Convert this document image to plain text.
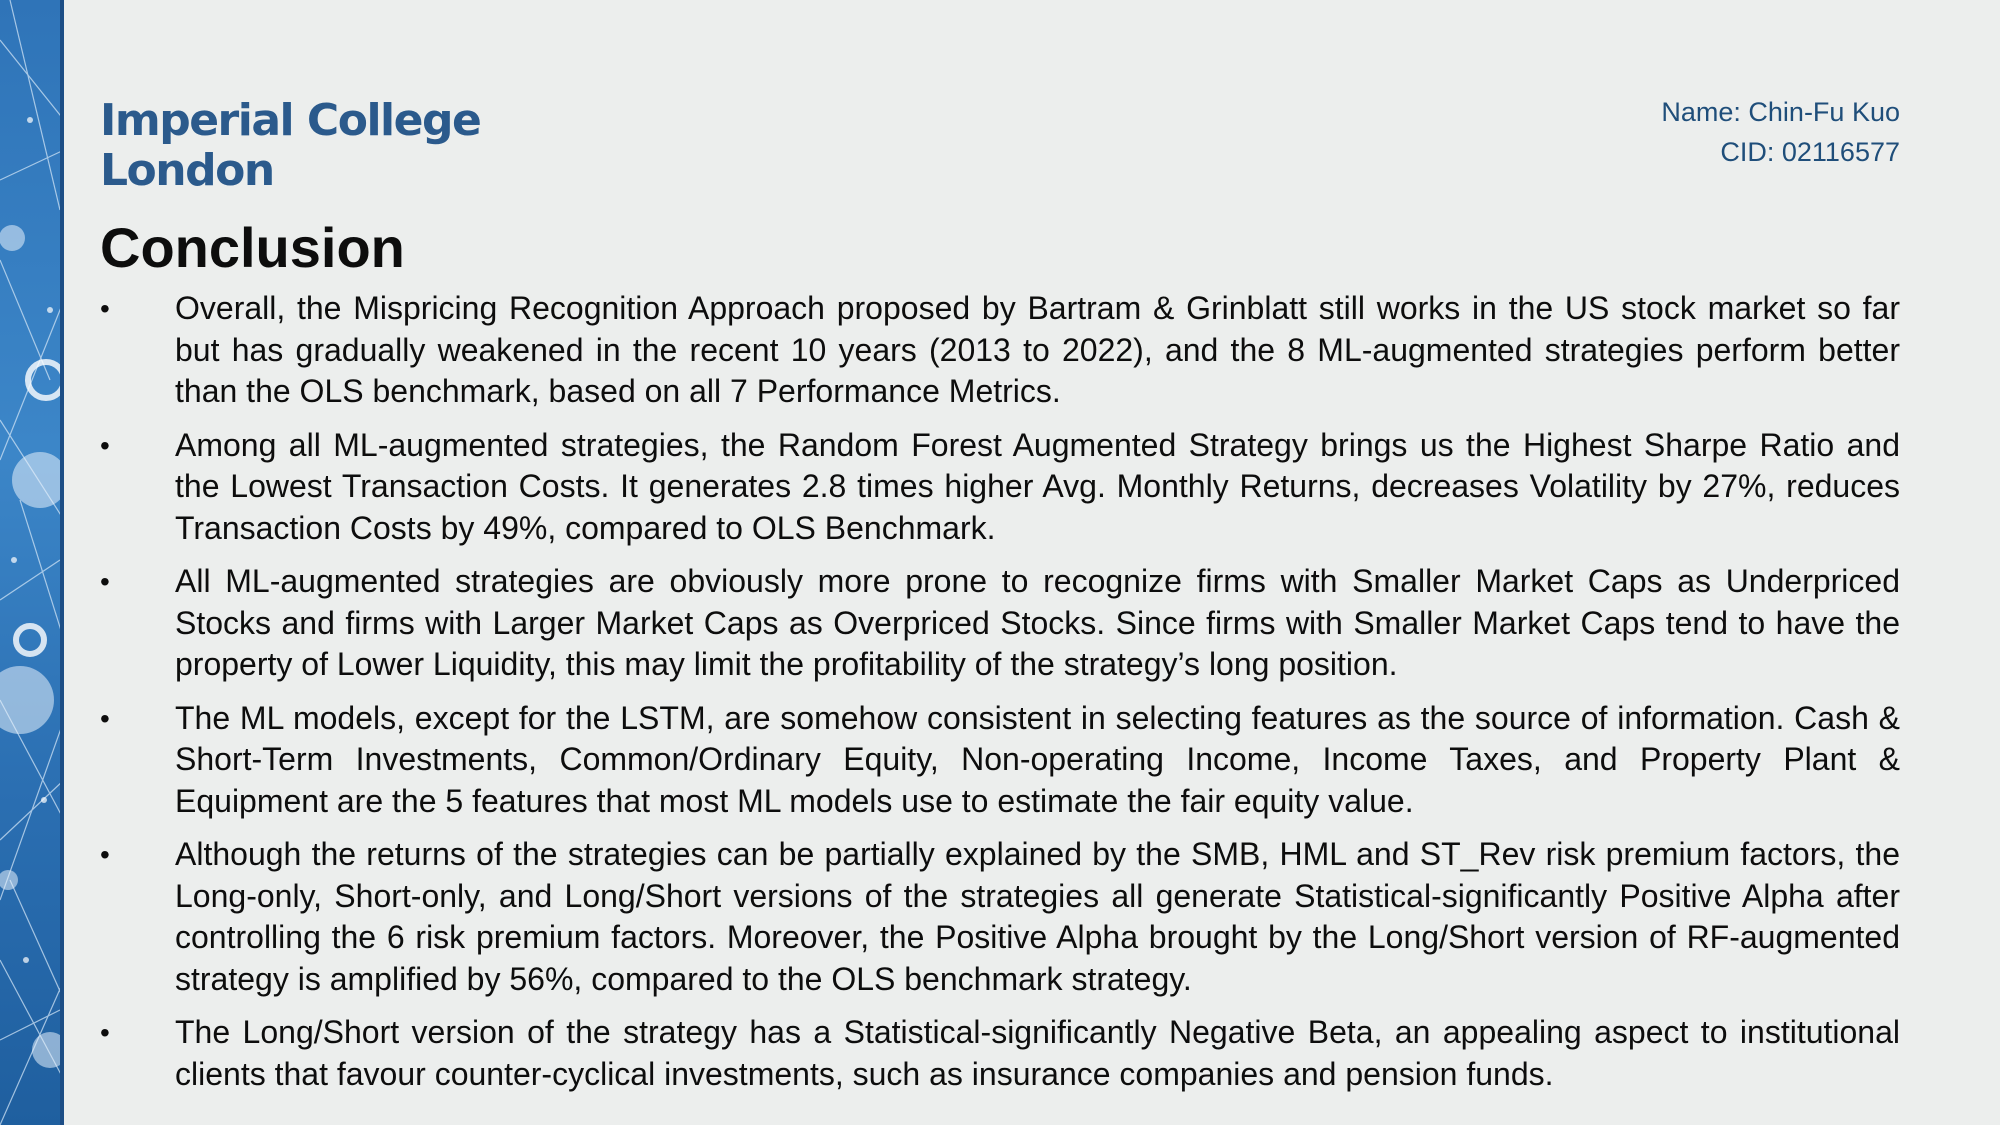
Imperial College
London
Name: Chin-Fu Kuo
CID: 02116577
Conclusion
•	Overall, the Mispricing Recognition Approach proposed by Bartram & Grinblatt still works in the US stock market so far but has gradually weakened in the recent 10 years (2013 to 2022), and the 8 ML-augmented strategies perform better than the OLS benchmark, based on all 7 Performance Metrics.
•	Among all ML-augmented strategies, the Random Forest Augmented Strategy brings us the Highest Sharpe Ratio and the Lowest Transaction Costs. It generates 2.8 times higher Avg. Monthly Returns, decreases Volatility by 27%, reduces Transaction Costs by 49%, compared to OLS Benchmark.
•	All ML-augmented strategies are obviously more prone to recognize firms with Smaller Market Caps as Underpriced Stocks and firms with Larger Market Caps as Overpriced Stocks. Since firms with Smaller Market Caps tend to have the property of Lower Liquidity, this may limit the profitability of the strategy’s long position.
•	The ML models, except for the LSTM, are somehow consistent in selecting features as the source of information. Cash & Short-Term Investments, Common/Ordinary Equity, Non-operating Income, Income Taxes, and Property Plant & Equipment are the 5 features that most ML models use to estimate the fair equity value.
•	Although the returns of the strategies can be partially explained by the SMB, HML and ST_Rev risk premium factors, the Long-only, Short-only, and Long/Short versions of the strategies all generate Statistical-significantly Positive Alpha after controlling the 6 risk premium factors. Moreover, the Positive Alpha brought by the Long/Short version of RF-augmented strategy is amplified by 56%, compared to the OLS benchmark strategy.
•	The Long/Short version of the strategy has a Statistical-significantly Negative Beta, an appealing aspect to institutional clients that favour counter-cyclical investments, such as insurance companies and pension funds.
